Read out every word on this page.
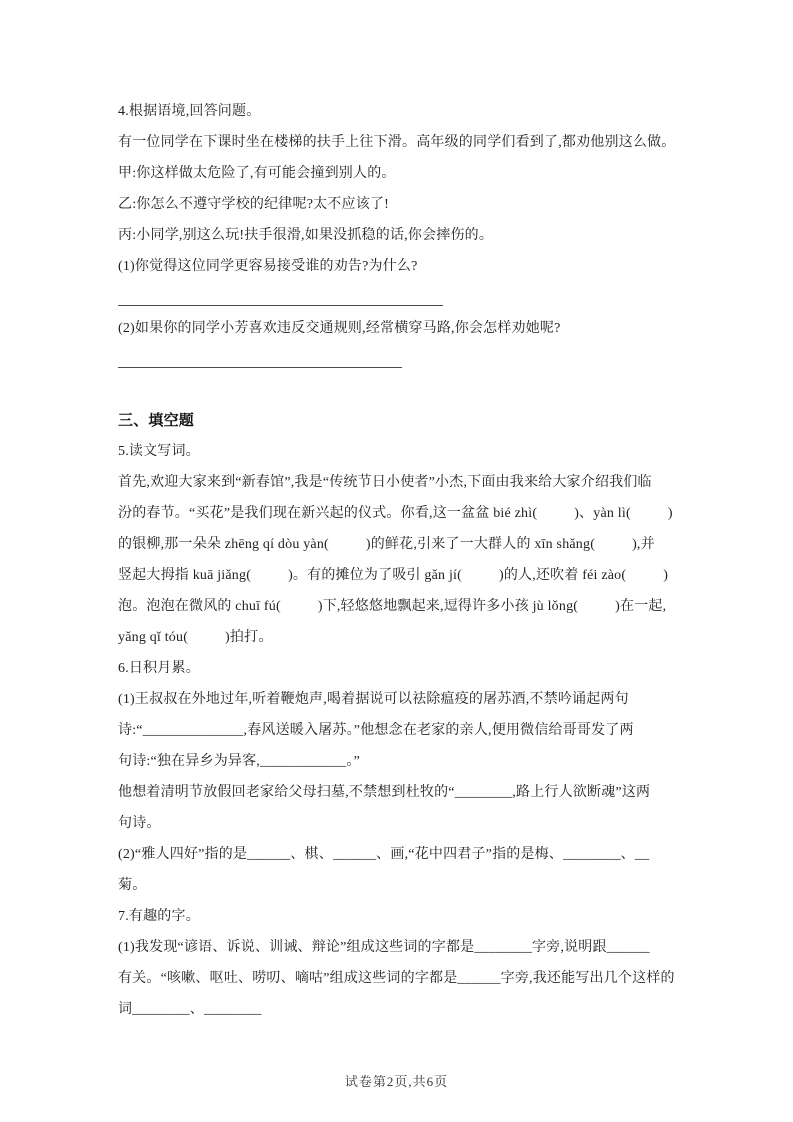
4.根据语境,回答问题。
有一位同学在下课时坐在楼梯的扶手上往下滑。高年级的同学们看到了,都劝他别这么做。
甲:你这样做太危险了,有可能会撞到别人的。
乙:你怎么不遵守学校的纪律呢?太不应该了!
丙:小同学,别这么玩!扶手很滑,如果没抓稳的话,你会摔伤的。
(1)你觉得这位同学更容易接受谁的劝告?为什么?
(2)如果你的同学小芳喜欢违反交通规则,经常横穿马路,你会怎样劝她呢?
三、填空题
5.读文写词。
首先,欢迎大家来到“新春馆”,我是“传统节日小使者”小杰,下面由我来给大家介绍我们临
汾的春节。“买花”是我们现在新兴起的仪式。你看,这一盆盆 bié zhì(          )、yàn lì(          )
的银柳,那一朵朵 zhēng qí dòu yàn(          )的鲜花,引来了一大群人的 xīn shǎng(          ),并
竖起大拇指 kuā jiǎng(          )。有的摊位为了吸引 gǎn jí(          )的人,还吹着 féi zào(          )
泡。泡泡在微风的 chuī fú(          )下,轻悠悠地飘起来,逗得许多小孩 jù lǒng(          )在一起,
yǎng qǐ tóu(          )拍打。
6.日积月累。
(1)王叔叔在外地过年,听着鞭炮声,喝着据说可以祛除瘟疫的屠苏酒,不禁吟诵起两句
诗:“______________,春风送暖入屠苏。”他想念在老家的亲人,便用微信给哥哥发了两
句诗:“独在异乡为异客,____________。”
他想着清明节放假回老家给父母扫墓,不禁想到杜牧的“________,路上行人欲断魂”这两
句诗。
(2)“雅人四好”指的是______、棋、______、画,“花中四君子”指的是梅、________、__
菊。
7.有趣的字。
(1)我发现“谚语、诉说、训诫、辩论”组成这些词的字都是________字旁,说明跟______
有关。“咳嗽、呕吐、唠叨、嘀咕”组成这些词的字都是______字旁,我还能写出几个这样的
词________、________
试卷第2页,共6页
